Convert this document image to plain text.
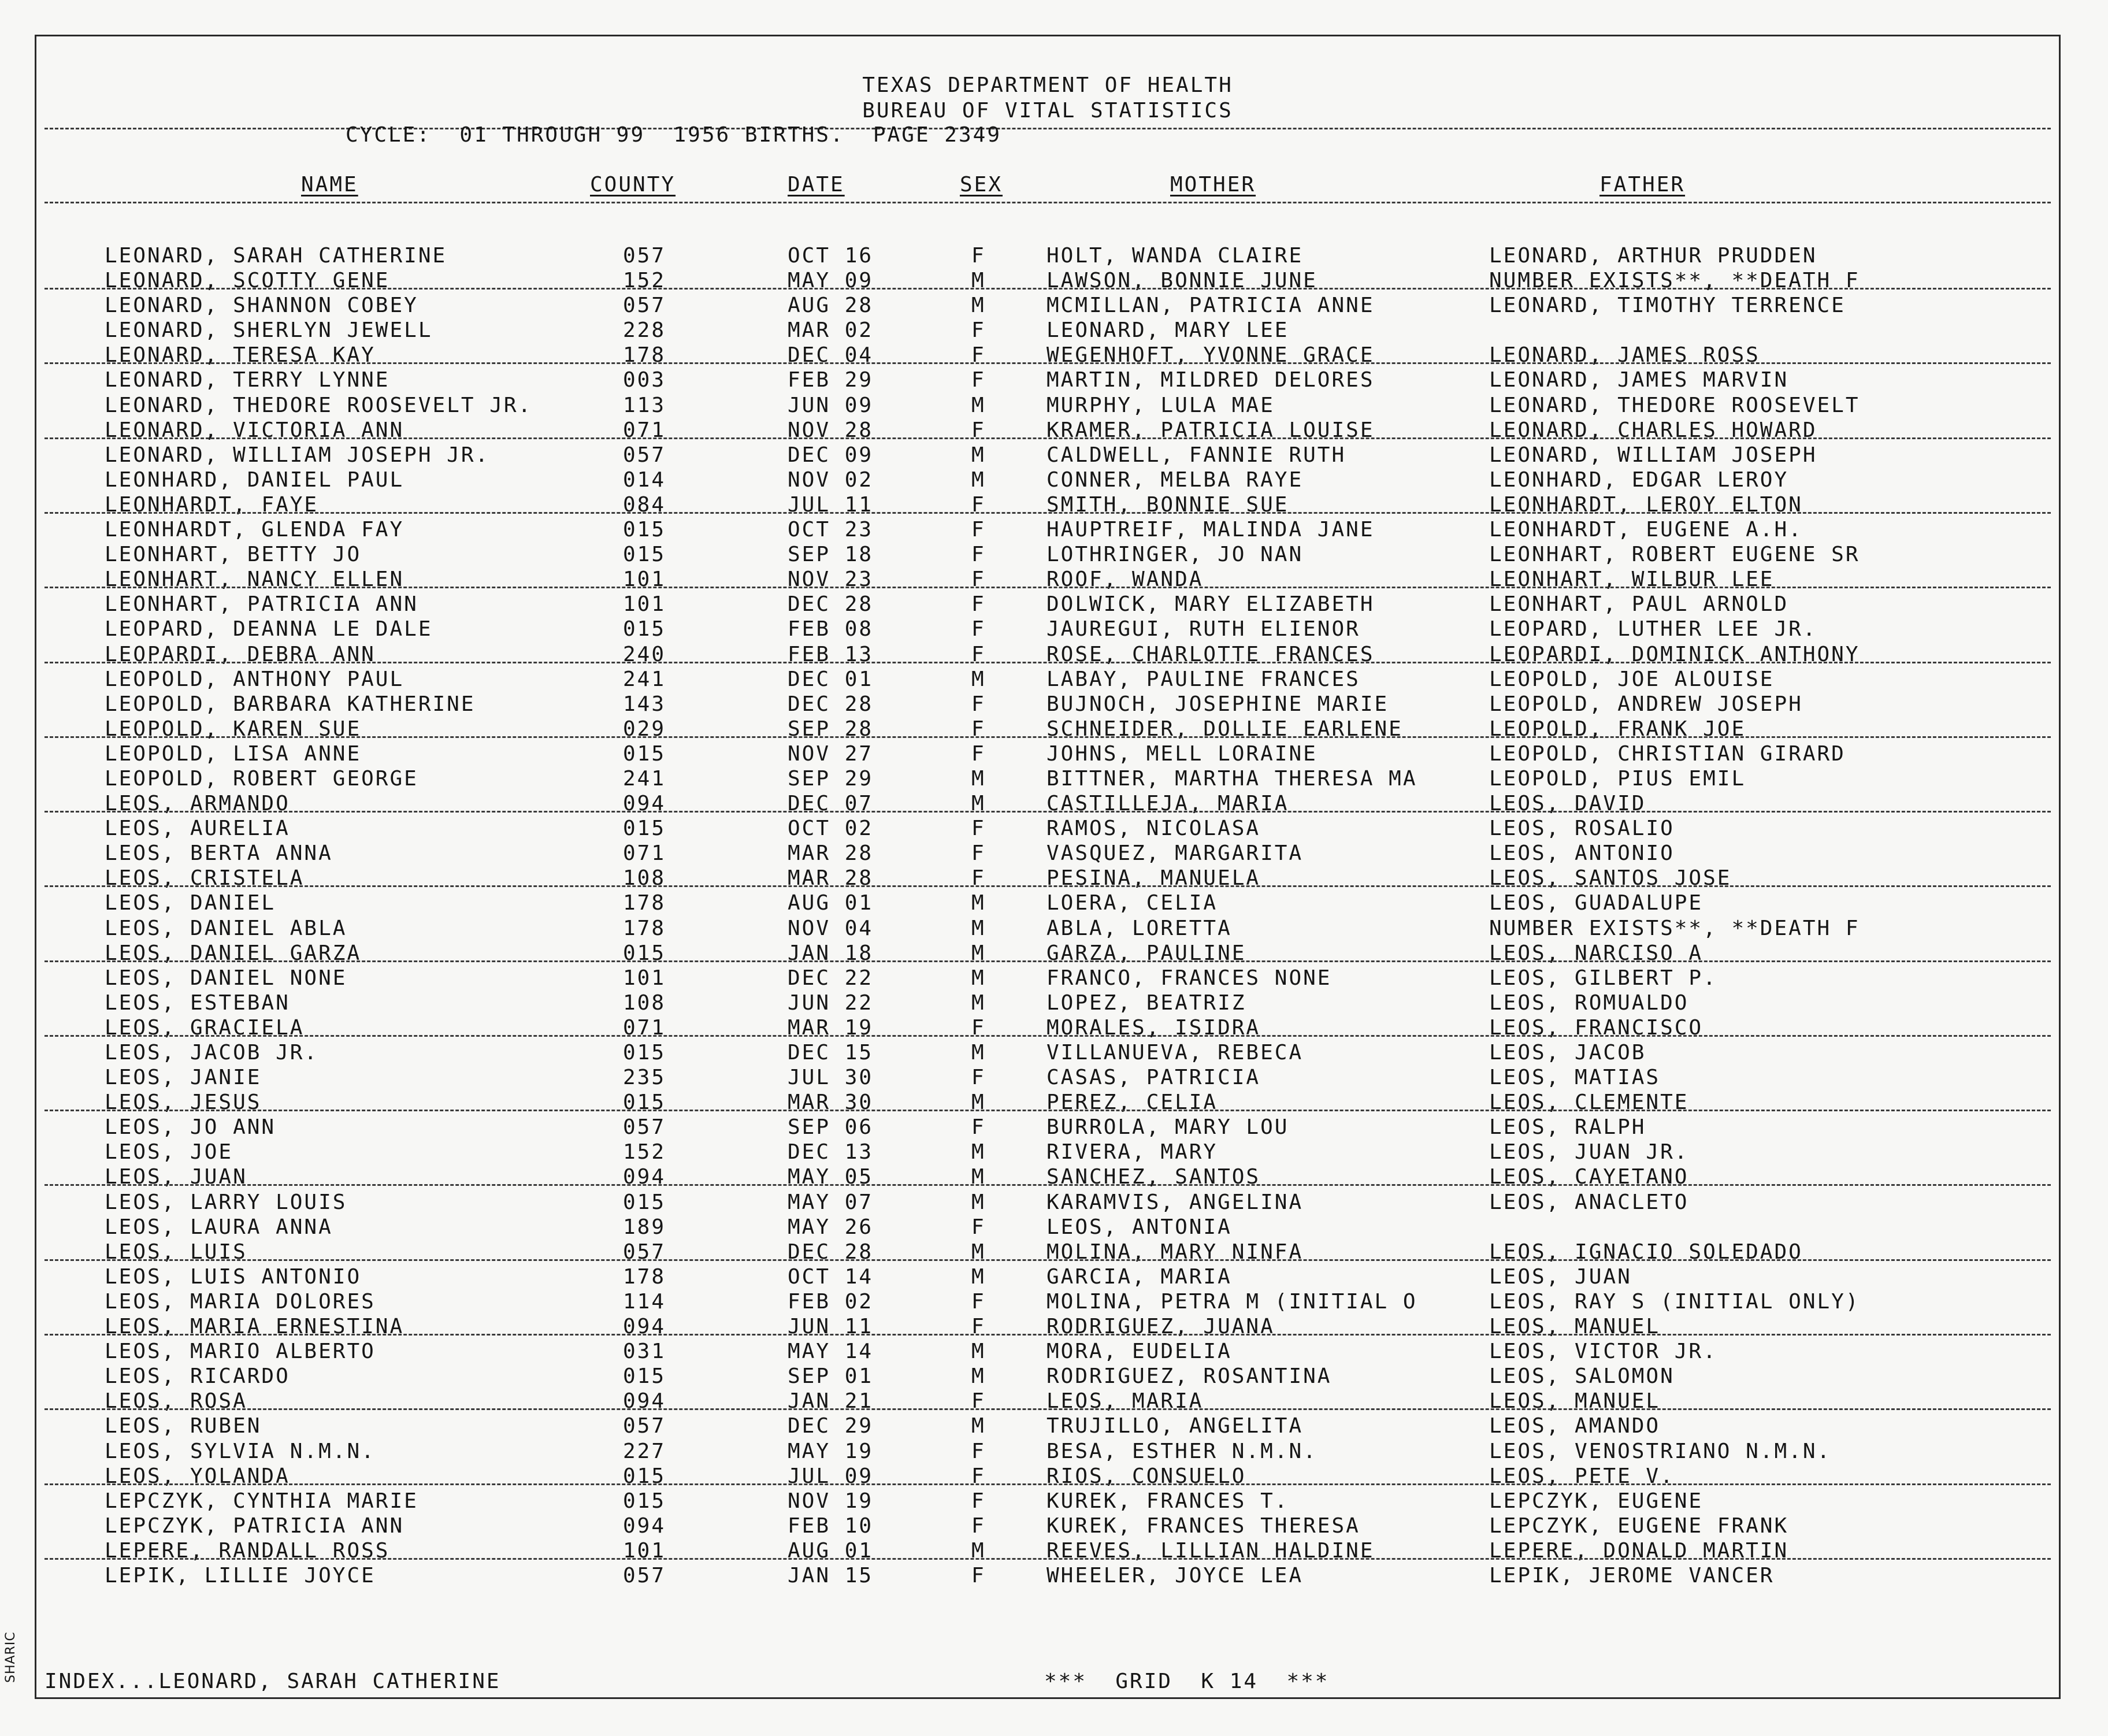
TEXAS DEPARTMENT OF HEALTH
BUREAU OF VITAL STATISTICS
CYCLE:  01 THROUGH 99  1956 BIRTHS.  PAGE 2349
NAME	COUNTY	DATE	SEX	MOTHER	FATHER
LEONARD, SARAH CATHERINE	057	OCT 16	F	HOLT, WANDA CLAIRE	LEONARD, ARTHUR PRUDDEN
LEONARD, SCOTTY GENE	152	MAY 09	M	LAWSON, BONNIE JUNE	NUMBER EXISTS**, **DEATH F
LEONARD, SHANNON COBEY	057	AUG 28	M	MCMILLAN, PATRICIA ANNE	LEONARD, TIMOTHY TERRENCE
LEONARD, SHERLYN JEWELL	228	MAR 02	F	LEONARD, MARY LEE
LEONARD, TERESA KAY	178	DEC 04	F	WEGENHOFT, YVONNE GRACE	LEONARD, JAMES ROSS
LEONARD, TERRY LYNNE	003	FEB 29	F	MARTIN, MILDRED DELORES	LEONARD, JAMES MARVIN
LEONARD, THEDORE ROOSEVELT JR.	113	JUN 09	M	MURPHY, LULA MAE	LEONARD, THEDORE ROOSEVELT
LEONARD, VICTORIA ANN	071	NOV 28	F	KRAMER, PATRICIA LOUISE	LEONARD, CHARLES HOWARD
LEONARD, WILLIAM JOSEPH JR.	057	DEC 09	M	CALDWELL, FANNIE RUTH	LEONARD, WILLIAM JOSEPH
LEONHARD, DANIEL PAUL	014	NOV 02	M	CONNER, MELBA RAYE	LEONHARD, EDGAR LEROY
LEONHARDT, FAYE	084	JUL 11	F	SMITH, BONNIE SUE	LEONHARDT, LEROY ELTON
LEONHARDT, GLENDA FAY	015	OCT 23	F	HAUPTREIF, MALINDA JANE	LEONHARDT, EUGENE A.H.
LEONHART, BETTY JO	015	SEP 18	F	LOTHRINGER, JO NAN	LEONHART, ROBERT EUGENE SR
LEONHART, NANCY ELLEN	101	NOV 23	F	ROOF, WANDA	LEONHART, WILBUR LEE
LEONHART, PATRICIA ANN	101	DEC 28	F	DOLWICK, MARY ELIZABETH	LEONHART, PAUL ARNOLD
LEOPARD, DEANNA LE DALE	015	FEB 08	F	JAUREGUI, RUTH ELIENOR	LEOPARD, LUTHER LEE JR.
LEOPARDI, DEBRA ANN	240	FEB 13	F	ROSE, CHARLOTTE FRANCES	LEOPARDI, DOMINICK ANTHONY
LEOPOLD, ANTHONY PAUL	241	DEC 01	M	LABAY, PAULINE FRANCES	LEOPOLD, JOE ALOUISE
LEOPOLD, BARBARA KATHERINE	143	DEC 28	F	BUJNOCH, JOSEPHINE MARIE	LEOPOLD, ANDREW JOSEPH
LEOPOLD, KAREN SUE	029	SEP 28	F	SCHNEIDER, DOLLIE EARLENE	LEOPOLD, FRANK JOE
LEOPOLD, LISA ANNE	015	NOV 27	F	JOHNS, MELL LORAINE	LEOPOLD, CHRISTIAN GIRARD
LEOPOLD, ROBERT GEORGE	241	SEP 29	M	BITTNER, MARTHA THERESA MA	LEOPOLD, PIUS EMIL
LEOS, ARMANDO	094	DEC 07	M	CASTILLEJA, MARIA	LEOS, DAVID
LEOS, AURELIA	015	OCT 02	F	RAMOS, NICOLASA	LEOS, ROSALIO
LEOS, BERTA ANNA	071	MAR 28	F	VASQUEZ, MARGARITA	LEOS, ANTONIO
LEOS, CRISTELA	108	MAR 28	F	PESINA, MANUELA	LEOS, SANTOS JOSE
LEOS, DANIEL	178	AUG 01	M	LOERA, CELIA	LEOS, GUADALUPE
LEOS, DANIEL ABLA	178	NOV 04	M	ABLA, LORETTA	NUMBER EXISTS**, **DEATH F
LEOS, DANIEL GARZA	015	JAN 18	M	GARZA, PAULINE	LEOS, NARCISO A
LEOS, DANIEL NONE	101	DEC 22	M	FRANCO, FRANCES NONE	LEOS, GILBERT P.
LEOS, ESTEBAN	108	JUN 22	M	LOPEZ, BEATRIZ	LEOS, ROMUALDO
LEOS, GRACIELA	071	MAR 19	F	MORALES, ISIDRA	LEOS, FRANCISCO
LEOS, JACOB JR.	015	DEC 15	M	VILLANUEVA, REBECA	LEOS, JACOB
LEOS, JANIE	235	JUL 30	F	CASAS, PATRICIA	LEOS, MATIAS
LEOS, JESUS	015	MAR 30	M	PEREZ, CELIA	LEOS, CLEMENTE
LEOS, JO ANN	057	SEP 06	F	BURROLA, MARY LOU	LEOS, RALPH
LEOS, JOE	152	DEC 13	M	RIVERA, MARY	LEOS, JUAN JR.
LEOS, JUAN	094	MAY 05	M	SANCHEZ, SANTOS	LEOS, CAYETANO
LEOS, LARRY LOUIS	015	MAY 07	M	KARAMVIS, ANGELINA	LEOS, ANACLETO
LEOS, LAURA ANNA	189	MAY 26	F	LEOS, ANTONIA
LEOS, LUIS	057	DEC 28	M	MOLINA, MARY NINFA	LEOS, IGNACIO SOLEDADO
LEOS, LUIS ANTONIO	178	OCT 14	M	GARCIA, MARIA	LEOS, JUAN
LEOS, MARIA DOLORES	114	FEB 02	F	MOLINA, PETRA M (INITIAL O	LEOS, RAY S (INITIAL ONLY)
LEOS, MARIA ERNESTINA	094	JUN 11	F	RODRIGUEZ, JUANA	LEOS, MANUEL
LEOS, MARIO ALBERTO	031	MAY 14	M	MORA, EUDELIA	LEOS, VICTOR JR.
LEOS, RICARDO	015	SEP 01	M	RODRIGUEZ, ROSANTINA	LEOS, SALOMON
LEOS, ROSA	094	JAN 21	F	LEOS, MARIA	LEOS, MANUEL
LEOS, RUBEN	057	DEC 29	M	TRUJILLO, ANGELITA	LEOS, AMANDO
LEOS, SYLVIA N.M.N.	227	MAY 19	F	BESA, ESTHER N.M.N.	LEOS, VENOSTRIANO N.M.N.
LEOS, YOLANDA	015	JUL 09	F	RIOS, CONSUELO	LEOS, PETE V.
LEPCZYK, CYNTHIA MARIE	015	NOV 19	F	KUREK, FRANCES T.	LEPCZYK, EUGENE
LEPCZYK, PATRICIA ANN	094	FEB 10	F	KUREK, FRANCES THERESA	LEPCZYK, EUGENE FRANK
LEPERE, RANDALL ROSS	101	AUG 01	M	REEVES, LILLIAN HALDINE	LEPERE, DONALD MARTIN
LEPIK, LILLIE JOYCE	057	JAN 15	F	WHEELER, JOYCE LEA	LEPIK, JEROME VANCER
INDEX...LEONARD, SARAH CATHERINE	***  GRID  K 14  ***
SHARIC
